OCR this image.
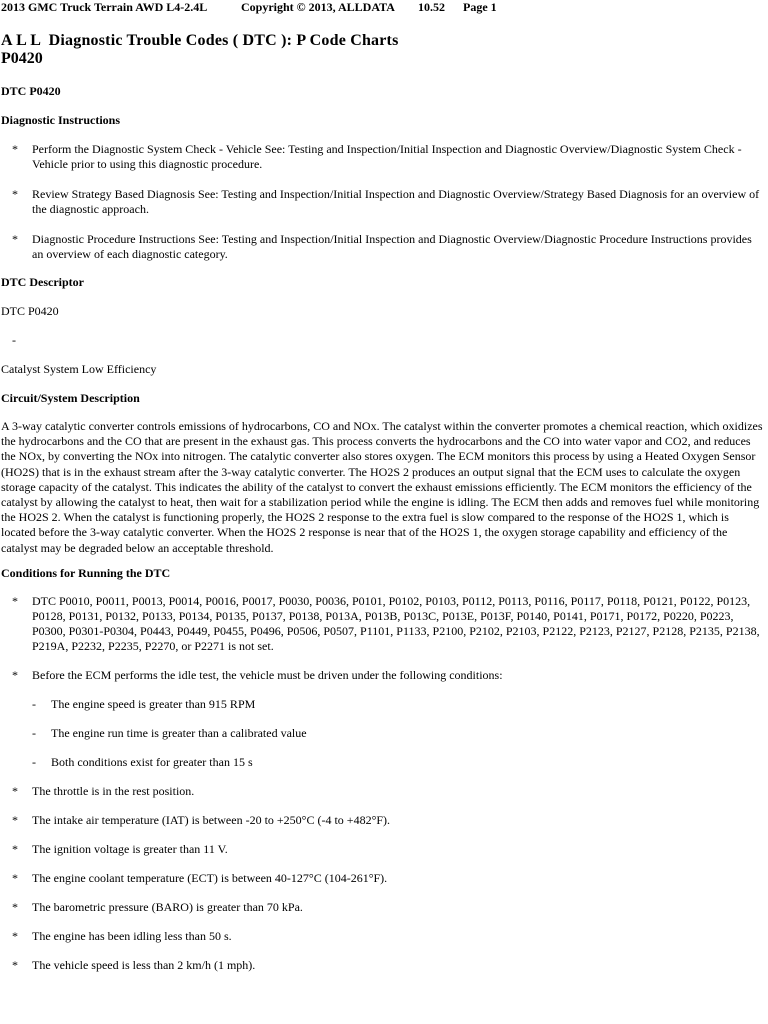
2013 GMC Truck Terrain AWD L4-2.4L	Copyright © 2013, ALLDATA 10.52 Page 1
A L L  Diagnostic Trouble Codes ( DTC ): P Code Charts
P0420

DTC P0420

Diagnostic Instructions

* Perform the Diagnostic System Check - Vehicle See: Testing and Inspection/Initial Inspection and Diagnostic Overview/Diagnostic System Check - Vehicle prior to using this diagnostic procedure.
* Review Strategy Based Diagnosis See: Testing and Inspection/Initial Inspection and Diagnostic Overview/Strategy Based Diagnosis for an overview of the diagnostic approach.
* Diagnostic Procedure Instructions See: Testing and Inspection/Initial Inspection and Diagnostic Overview/Diagnostic Procedure Instructions provides an overview of each diagnostic category.

DTC Descriptor

DTC P0420

-

Catalyst System Low Efficiency

Circuit/System Description

A 3-way catalytic converter controls emissions of hydrocarbons, CO and NOx. The catalyst within the converter promotes a chemical reaction, which oxidizes the hydrocarbons and the CO that are present in the exhaust gas. This process converts the hydrocarbons and the CO into water vapor and CO2, and reduces the NOx, by converting the NOx into nitrogen. The catalytic converter also stores oxygen. The ECM monitors this process by using a Heated Oxygen Sensor (HO2S) that is in the exhaust stream after the 3-way catalytic converter. The HO2S 2 produces an output signal that the ECM uses to calculate the oxygen storage capacity of the catalyst. This indicates the ability of the catalyst to convert the exhaust emissions efficiently. The ECM monitors the efficiency of the catalyst by allowing the catalyst to heat, then wait for a stabilization period while the engine is idling. The ECM then adds and removes fuel while monitoring the HO2S 2. When the catalyst is functioning properly, the HO2S 2 response to the extra fuel is slow compared to the response of the HO2S 1, which is located before the 3-way catalytic converter. When the HO2S 2 response is near that of the HO2S 1, the oxygen storage capability and efficiency of the catalyst may be degraded below an acceptable threshold.

Conditions for Running the DTC

* DTC P0010, P0011, P0013, P0014, P0016, P0017, P0030, P0036, P0101, P0102, P0103, P0112, P0113, P0116, P0117, P0118, P0121, P0122, P0123, P0128, P0131, P0132, P0133, P0134, P0135, P0137, P0138, P013A, P013B, P013C, P013E, P013F, P0140, P0141, P0171, P0172, P0220, P0223, P0300, P0301-P0304, P0443, P0449, P0455, P0496, P0506, P0507, P1101, P1133, P2100, P2102, P2103, P2122, P2123, P2127, P2128, P2135, P2138, P219A, P2232, P2235, P2270, or P2271 is not set.
* Before the ECM performs the idle test, the vehicle must be driven under the following conditions:
- The engine speed is greater than 915 RPM
- The engine run time is greater than a calibrated value
- Both conditions exist for greater than 15 s
* The throttle is in the rest position.
* The intake air temperature (IAT) is between -20 to +250°C (-4 to +482°F).
* The ignition voltage is greater than 11 V.
* The engine coolant temperature (ECT) is between 40-127°C (104-261°F).
* The barometric pressure (BARO) is greater than 70 kPa.
* The engine has been idling less than 50 s.
* The vehicle speed is less than 2 km/h (1 mph).
